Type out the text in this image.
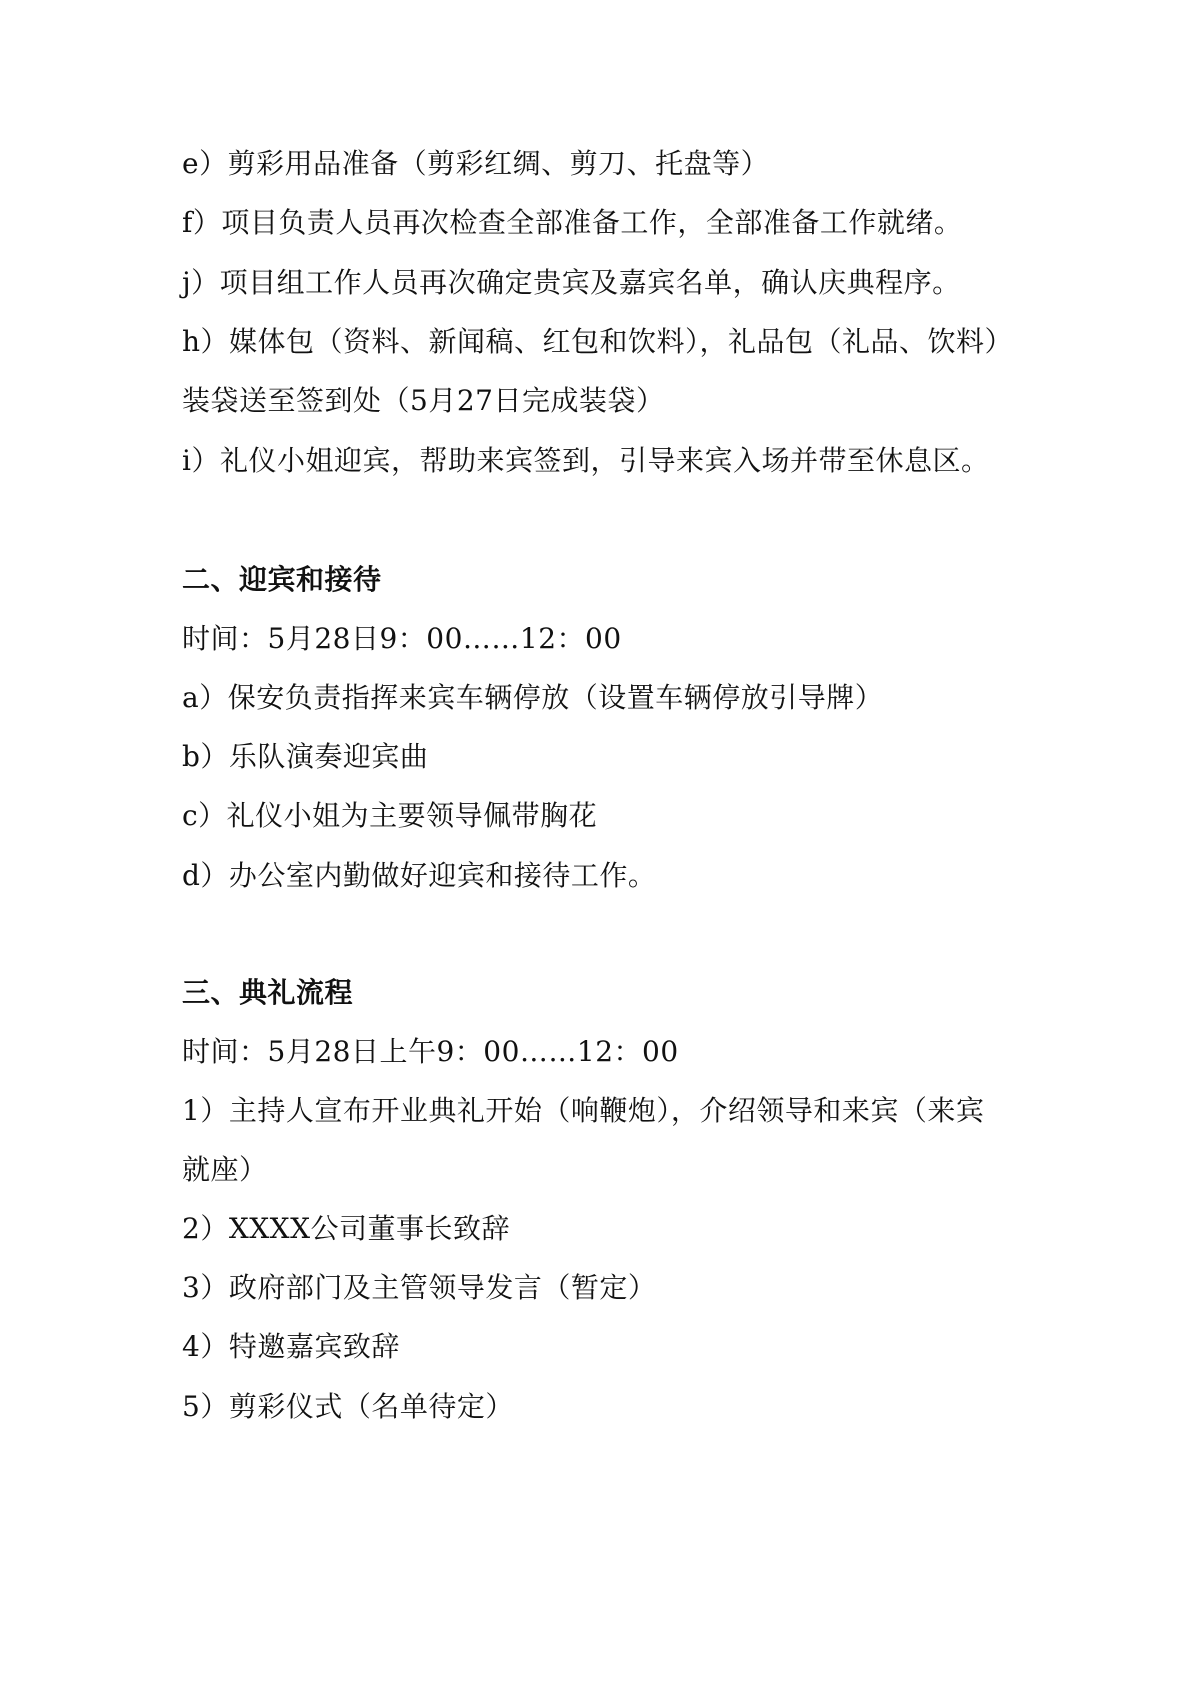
e）剪彩用品准备（剪彩红绸、剪刀、托盘等）
f）项目负责人员再次检查全部准备工作，全部准备工作就绪。
j）项目组工作人员再次确定贵宾及嘉宾名单，确认庆典程序。
h）媒体包（资料、新闻稿、红包和饮料），礼品包（礼品、饮料）
装袋送至签到处（5月27日完成装袋）
i）礼仪小姐迎宾，帮助来宾签到，引导来宾入场并带至休息区。
二、迎宾和接待
时间：5月28日9：00……12：00
a）保安负责指挥来宾车辆停放（设置车辆停放引导牌）
b）乐队演奏迎宾曲
c）礼仪小姐为主要领导佩带胸花
d）办公室内勤做好迎宾和接待工作。
三、典礼流程
时间：5月28日上午9：00……12：00
1）主持人宣布开业典礼开始（响鞭炮），介绍领导和来宾（来宾
就座）
2）XXXX公司董事长致辞
3）政府部门及主管领导发言（暂定）
4）特邀嘉宾致辞
5）剪彩仪式（名单待定）
